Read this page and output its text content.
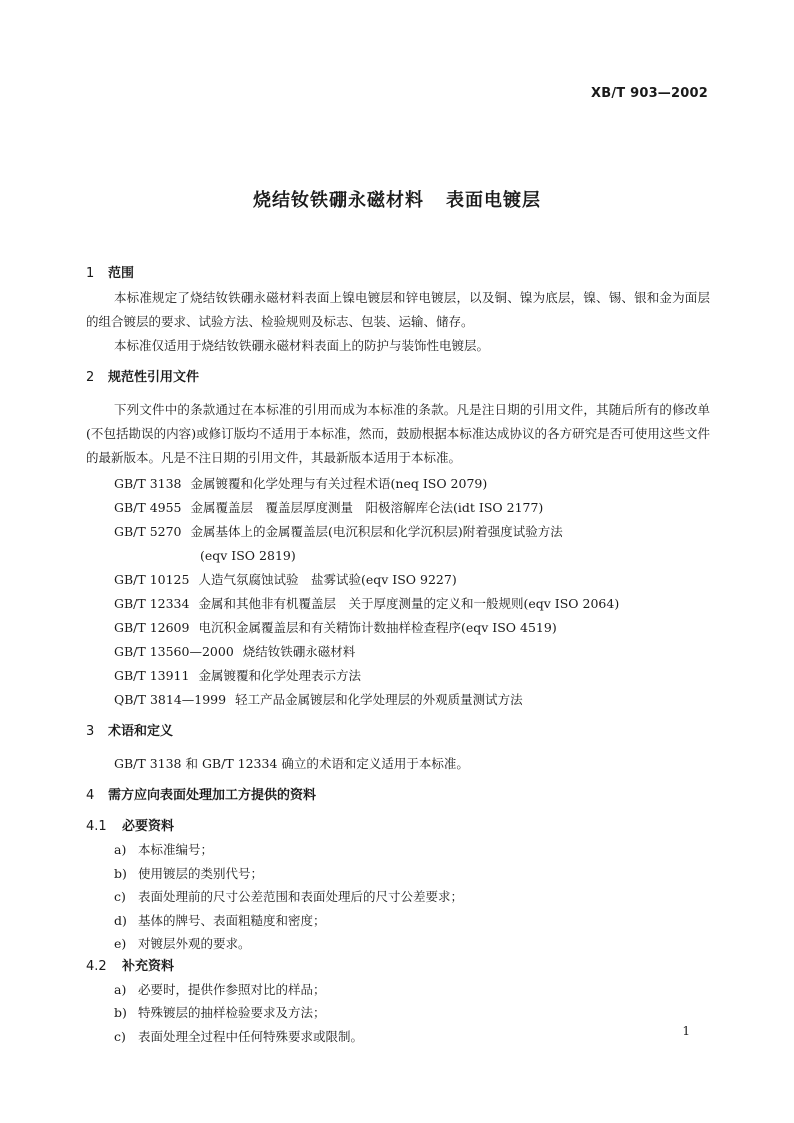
XB/T 903—2002
烧结钕铁硼永磁材料 表面电镀层
1 范围

本标准规定了烧结钕铁硼永磁材料表面上镍电镀层和锌电镀层，以及铜、镍为底层，镍、锡、银和金为面层的组合镀层的要求、试验方法、检验规则及标志、包装、运输、储存。

本标准仅适用于烧结钕铁硼永磁材料表面上的防护与装饰性电镀层。

2 规范性引用文件

下列文件中的条款通过在本标准的引用而成为本标准的条款。凡是注日期的引用文件，其随后所有的修改单(不包括勘误的内容)或修订版均不适用于本标准，然而，鼓励根据本标准达成协议的各方研究是否可使用这些文件的最新版本。凡是不注日期的引用文件，其最新版本适用于本标准。

GB/T 3138 金属镀覆和化学处理与有关过程术语(neq ISO 2079)
GB/T 4955 金属覆盖层　覆盖层厚度测量　阳极溶解库仑法(idt ISO 2177)
GB/T 5270 金属基体上的金属覆盖层(电沉积层和化学沉积层)附着强度试验方法
(eqv ISO 2819)
GB/T 10125 人造气氛腐蚀试验　盐雾试验(eqv ISO 9227)
GB/T 12334 金属和其他非有机覆盖层　关于厚度测量的定义和一般规则(eqv ISO 2064)
GB/T 12609 电沉积金属覆盖层和有关精饰计数抽样检查程序(eqv ISO 4519)
GB/T 13560—2000 烧结钕铁硼永磁材料
GB/T 13911 金属镀覆和化学处理表示方法
QB/T 3814—1999 轻工产品金属镀层和化学处理层的外观质量测试方法
3 术语和定义

GB/T 3138 和 GB/T 12334 确立的术语和定义适用于本标准。

4 需方应向表面处理加工方提供的资料
4.1 必要资料
a) 本标准编号；
b) 使用镀层的类别代号；
c) 表面处理前的尺寸公差范围和表面处理后的尺寸公差要求；
d) 基体的牌号、表面粗糙度和密度；
e) 对镀层外观的要求。
4.2 补充资料
a) 必要时，提供作参照对比的样品；
b) 特殊镀层的抽样检验要求及方法；
c) 表面处理全过程中任何特殊要求或限制。	1
